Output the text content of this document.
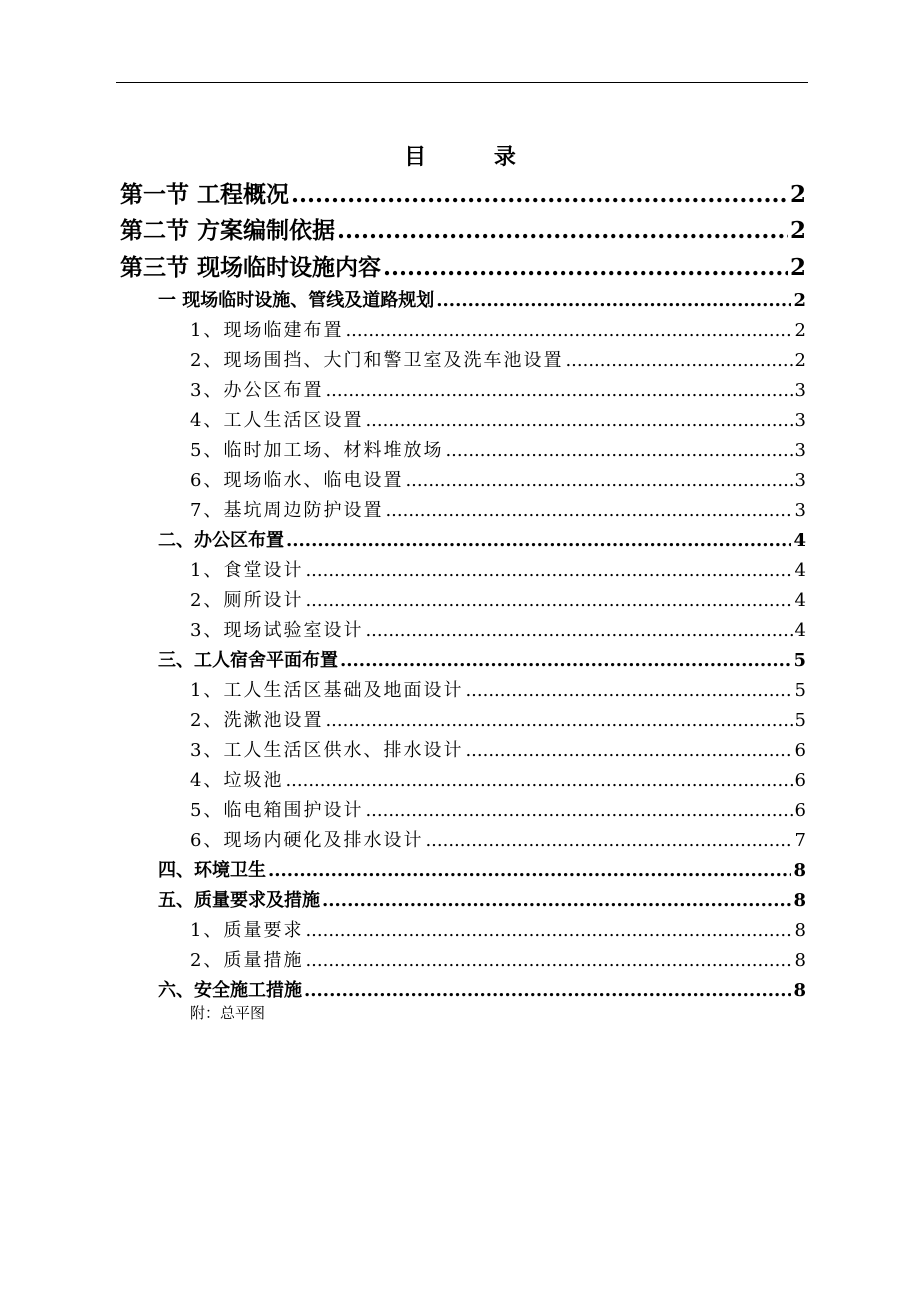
目 录
第一节 工程概况 .....	2
第二节 方案编制依据 .....	2
第三节 现场临时设施内容 .....	2
一 现场临时设施、管线及道路规划 .....	2
1、现场临建布置 .....	2
2、现场围挡、大门和警卫室及洗车池设置 .....	2
3、办公区布置 .....	3
4、工人生活区设置 .....	3
5、临时加工场、材料堆放场 .....	3
6、现场临水、临电设置 .....	3
7、基坑周边防护设置 .....	3
二、办公区布置 .....	4
1、食堂设计 .....	4
2、厕所设计 .....	4
3、现场试验室设计 .....	4
三、工人宿舍平面布置 .....	5
1、工人生活区基础及地面设计 .....	5
2、洗漱池设置 .....	5
3、工人生活区供水、排水设计 .....	6
4、垃圾池 .....	6
5、临电箱围护设计 .....	6
6、现场内硬化及排水设计 .....	7
四、环境卫生 .....	8
五、质量要求及措施 .....	8
1、质量要求 .....	8
2、质量措施 .....	8
六、安全施工措施 .....	8
附：总平图
